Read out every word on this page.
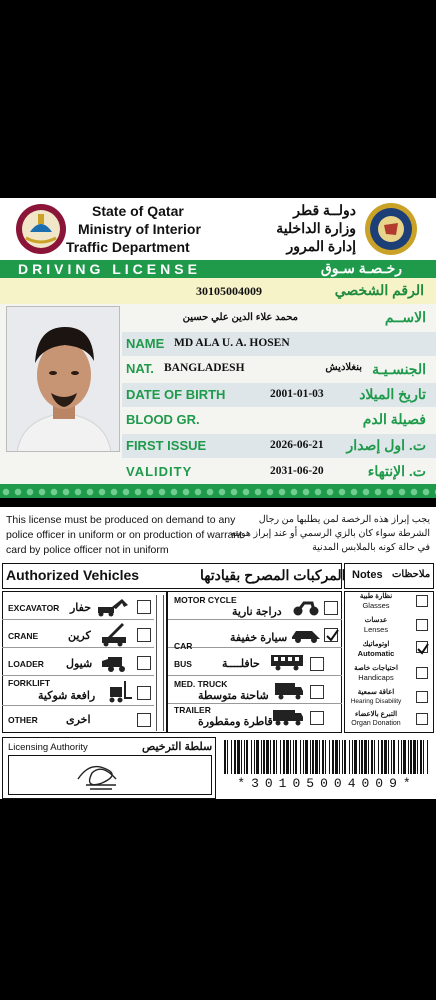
State of Qatar
Ministry of Interior
Traffic Department
دولــة قطر
وزارة الداخلية
إدارة المرور
DRIVING LICENSE	رخـصـة سـوق
30105004009	الرقم الشخصي
محمد علاء الدين علي حسين	الاســم
NAME MD ALA U. A. HOSEN
NAT. BANGLADESH	بنغلاديش الجنسـيـة
DATE OF BIRTH	2001-01-03	تاريخ الميلاد
BLOOD GR.	فصيلة الدم
FIRST ISSUE	2026-06-21 ت. اول إصدار
VALIDITY	2031-06-20	ت. الإنتهاء
This license must be produced on demand to any police officer in uniform or on production of warrant card by police officer not in uniform
يجب إبراز هذه الرخصة لمن يطلبها من رجال الشرطة سواء كان بالزي الرسمي أو عند إبراز هويته في حالة كونه بالملابس المدنية
Authorized Vehicles	المركبات المصرح بقيادتها Notes ملاحظات
EXCAVATOR حفار
CRANE	كرين
LOADER شيول
FORKLIFT
رافعة شوكية
OTHER	اخرى
MOTOR CYCLE
دراجة نارية
CAR
سيارة خفيفة
BUS	حافلــــة
MED. TRUCK
شاحنة متوسطة
TRAILER
قاطرة ومقطورة
نظارة طبية
Glasses
عدسات
Lenses
اوتوماتيك
Automatic
احتياجات خاصة
Handicaps
اعاقة سمعية
Hearing Disability
التبرع بالاعضاء
Organ Donation
Licensing Authority	سلطة الترخيص
*30105004009*
